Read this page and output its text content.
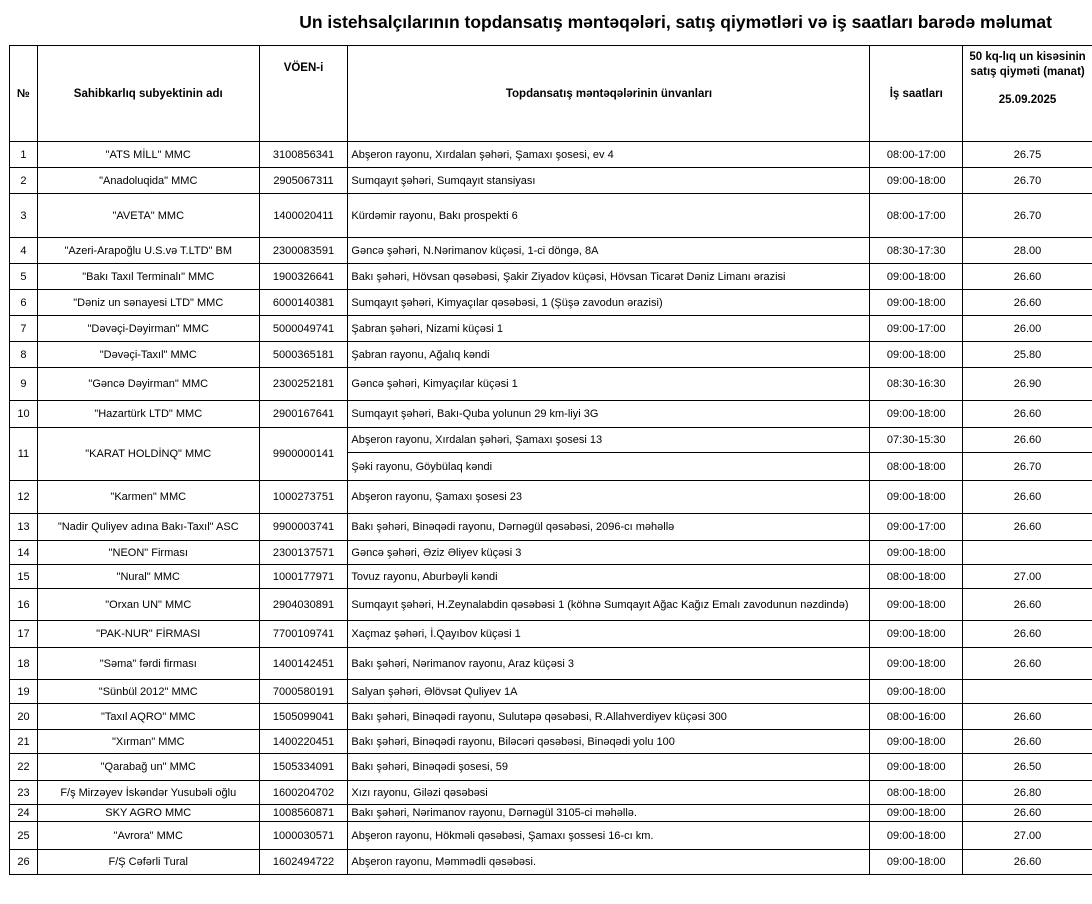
Un istehsalçılarının topdansatış məntəqələri, satış qiymətləri və iş saatları barədə məlumat
№	Sahibkarlıq subyektinin adı	VÖEN-i	Topdansatış məntəqələrinin ünvanları	İş saatları	50 kq-lıq un kisəsinin satış qiyməti (manat)
25.09.2025

1	"ATS MİLL" MMC	3100856341	Abşeron rayonu, Xırdalan şəhəri, Şamaxı şosesi, ev 4	08:00-17:00	26.75
2	"Anadoluqida" MMC	2905067311	Sumqayıt şəhəri, Sumqayıt stansiyası	09:00-18:00	26.70
3	"AVETA" MMC	1400020411	Kürdəmir rayonu, Bakı prospekti 6	08:00-17:00	26.70
4	"Azeri-Arapoğlu U.S.və T.LTD" BM	2300083591	Gəncə şəhəri, N.Nərimanov küçəsi, 1-ci döngə, 8A	08:30-17:30	28.00
5	"Bakı Taxıl Terminalı" MMC	1900326641	Bakı şəhəri, Hövsan qəsəbəsi, Şakir Ziyadov küçəsi, Hövsan Ticarət Dəniz Limanı ərazisi	09:00-18:00	26.60
6	"Dəniz un sənayesi LTD" MMC	6000140381	Sumqayıt şəhəri, Kimyaçılar qəsəbəsi, 1 (Şüşə zavodun ərazisi)	09:00-18:00	26.60
7	"Dəvəçi-Dəyirman" MMC	5000049741	Şabran şəhəri, Nizami küçəsi 1	09:00-17:00	26.00
8	"Dəvəçi-Taxıl" MMC	5000365181	Şabran rayonu, Ağalıq kəndi	09:00-18:00	25.80
9	"Gəncə Dəyirman" MMC	2300252181	Gəncə şəhəri, Kimyaçılar küçəsi 1	08:30-16:30	26.90
10	"Hazartürk LTD" MMC	2900167641	Sumqayıt şəhəri, Bakı-Quba yolunun 29 km-liyi 3G	09:00-18:00	26.60
11	"KARAT HOLDİNQ" MMC	9900000141	Abşeron rayonu, Xırdalan şəhəri, Şamaxı şosesi 13	07:30-15:30	26.60
			Şəki rayonu, Göybülaq kəndi	08:00-18:00	26.70
12	"Karmen" MMC	1000273751	Abşeron rayonu, Şamaxı şosesi 23	09:00-18:00	26.60
13	"Nadir Quliyev adına Bakı-Taxıl" ASC	9900003741	Bakı şəhəri, Binəqədi rayonu, Dərnəgül qəsəbəsi, 2096-cı məhəllə	09:00-17:00	26.60
14	"NEON" Firması	2300137571	Gəncə şəhəri, Əziz Əliyev küçəsi 3	09:00-18:00	
15	"Nural" MMC	1000177971	Tovuz rayonu, Aburbəyli kəndi	08:00-18:00	27.00
16	"Orxan UN" MMC	2904030891	Sumqayıt şəhəri, H.Zeynalabdin qəsəbəsi 1 (köhnə Sumqayıt Ağac Kağız Emalı zavodunun nəzdində)	09:00-18:00	26.60
17	"PAK-NUR" FİRMASI	7700109741	Xaçmaz şəhəri, İ.Qayıbov küçəsi 1	09:00-18:00	26.60
18	"Səma" fərdi firması	1400142451	Bakı şəhəri, Nərimanov rayonu, Araz küçəsi 3	09:00-18:00	26.60
19	"Sünbül 2012" MMC	7000580191	Salyan şəhəri, Əlövsət Quliyev 1A	09:00-18:00	
20	"Taxıl AQRO" MMC	1505099041	Bakı şəhəri, Binəqədi rayonu, Sulutəpə qəsəbəsi, R.Allahverdiyev küçəsi 300	08:00-16:00	26.60
21	"Xırman" MMC	1400220451	Bakı şəhəri, Binəqədi rayonu, Biləcəri qəsəbəsi, Binəqədi yolu 100	09:00-18:00	26.60
22	"Qarabağ un" MMC	1505334091	Bakı şəhəri, Binəqədi şosesi, 59	09:00-18:00	26.50
23	F/ş Mirzəyev İskəndər Yusubəli oğlu	1600204702	Xızı rayonu, Giləzi qəsəbəsi	08:00-18:00	26.80
24	SKY AGRO MMC	1008560871	Bakı şəhəri, Nərimanov rayonu, Dərnəgül 3105-ci məhəllə.	09:00-18:00	26.60
25	"Avrora" MMC	1000030571	Abşeron rayonu, Hökməli qəsəbəsi, Şamaxı şossesi 16-cı km.	09:00-18:00	27.00
26	F/Ş Cəfərli Tural	1602494722	Abşeron rayonu, Məmmədli qəsəbəsi.	09:00-18:00	26.60
